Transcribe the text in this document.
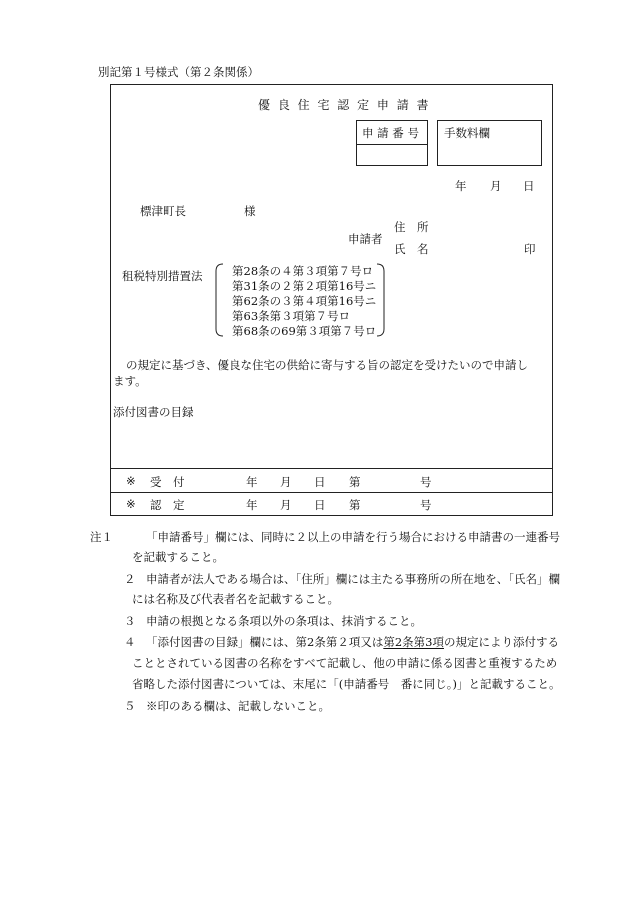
別記第１号様式（第２条関係）
優 良 住 宅 認 定 申 請 書
申 請 番 号 手数料欄
年 月 日
標津町長	様
申請者
住　所
氏　名	印
租税特別措置法	第28条の４第３項第７号ロ
第31条の２第２項第16号ニ
第62条の３第４項第16号ニ
第63条第３項第７号ロ
第68条の69第３項第７号ロ
の規定に基づき、優良な住宅の供給に寄与する旨の認定を受けたいので申請し
ます。
添付図書の目録
※ 受　付	年 月 日 第	号
※ 認　定	年 月 日 第	号
注１	「申請番号」欄には、同時に２以上の申請を行う場合における申請書の一連番号
を記載すること。
２ 申請者が法人である場合は、「住所」欄には主たる事務所の所在地を、「氏名」欄
には名称及び代表者名を記載すること。
３ 申請の根拠となる条項以外の条項は、抹消すること。
４ 「添付図書の目録」欄には、第2条第２項又は第2条第3項の規定により添付する
こととされている図書の名称をすべて記載し、他の申請に係る図書と重複するため
省略した添付図書については、末尾に「(申請番号　番に同じ。)」と記載すること。
５ ※印のある欄は、記載しないこと。
